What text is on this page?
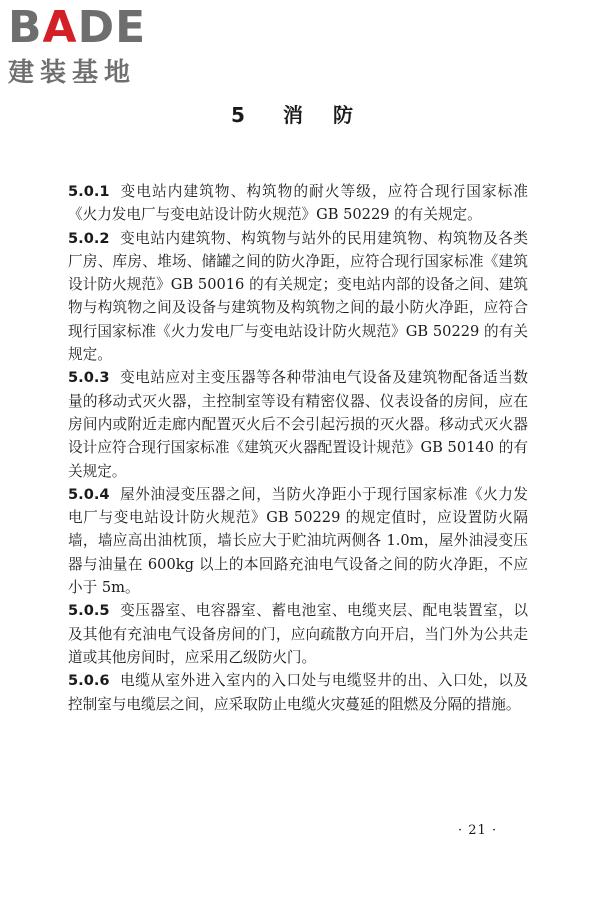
B A D E
建装基地
5 消 防

5.0.1 变电站内建筑物、构筑物的耐火等级，应符合现行国家标准《火力发电厂与变电站设计防火规范》GB 50229 的有关规定。

5.0.2 变电站内建筑物、构筑物与站外的民用建筑物、构筑物及各类厂房、库房、堆场、储罐之间的防火净距，应符合现行国家标准《建筑设计防火规范》GB 50016 的有关规定；变电站内部的设备之间、建筑物与构筑物之间及设备与建筑物及构筑物之间的最小防火净距，应符合现行国家标准《火力发电厂与变电站设计防火规范》GB 50229 的有关规定。

5.0.3 变电站应对主变压器等各种带油电气设备及建筑物配备适当数量的移动式灭火器，主控制室等设有精密仪器、仪表设备的房间，应在房间内或附近走廊内配置灭火后不会引起污损的灭火器。移动式灭火器设计应符合现行国家标准《建筑灭火器配置设计规范》GB 50140 的有关规定。

5.0.4 屋外油浸变压器之间，当防火净距小于现行国家标准《火力发电厂与变电站设计防火规范》GB 50229 的规定值时，应设置防火隔墙，墙应高出油枕顶，墙长应大于贮油坑两侧各 1.0m，屋外油浸变压器与油量在 600kg 以上的本回路充油电气设备之间的防火净距，不应小于 5m。

5.0.5 变压器室、电容器室、蓄电池室、电缆夹层、配电装置室，以及其他有充油电气设备房间的门，应向疏散方向开启，当门外为公共走道或其他房间时，应采用乙级防火门。

5.0.6 电缆从室外进入室内的入口处与电缆竖井的出、入口处，以及控制室与电缆层之间，应采取防止电缆火灾蔓延的阻燃及分隔的措施。

· 21 ·
